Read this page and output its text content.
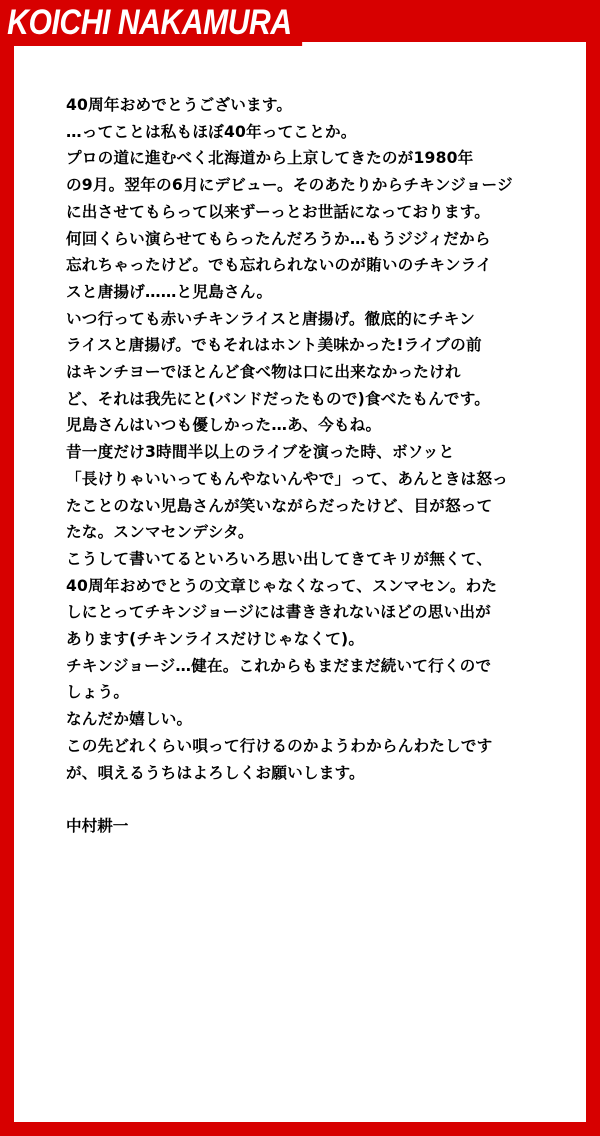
KOICHI NAKAMURA

40周年おめでとうございます。

…ってことは私もほぼ40年ってことか。

プロの道に進むべく北海道から上京してきたのが1980年

の9月。翌年の6月にデビュー。そのあたりからチキンジョージ

に出させてもらって以来ずーっとお世話になっております。

何回くらい演らせてもらったんだろうか…もうジジィだから

忘れちゃったけど。でも忘れられないのが賄いのチキンライ

スと唐揚げ……と児島さん。

いつ行っても赤いチキンライスと唐揚げ。徹底的にチキン

ライスと唐揚げ。でもそれはホント美味かった!ライブの前

はキンチヨーでほとんど食べ物は口に出来なかったけれ

ど、それは我先にと(バンドだったもので)食べたもんです。

児島さんはいつも優しかった…あ、今もね。

昔一度だけ3時間半以上のライブを演った時、ボソッと

「長けりゃいいってもんやないんやで」って、あんときは怒っ

たことのない児島さんが笑いながらだったけど、目が怒って

たな。スンマセンデシタ。

こうして書いてるといろいろ思い出してきてキリが無くて、

40周年おめでとうの文章じゃなくなって、スンマセン。わた

しにとってチキンジョージには書ききれないほどの思い出が

あります(チキンライスだけじゃなくて)。

チキンジョージ…健在。これからもまだまだ続いて行くので

しょう。

なんだか嬉しい。

この先どれくらい唄って行けるのかようわからんわたしです

が、唄えるうちはよろしくお願いします。

中村耕一
